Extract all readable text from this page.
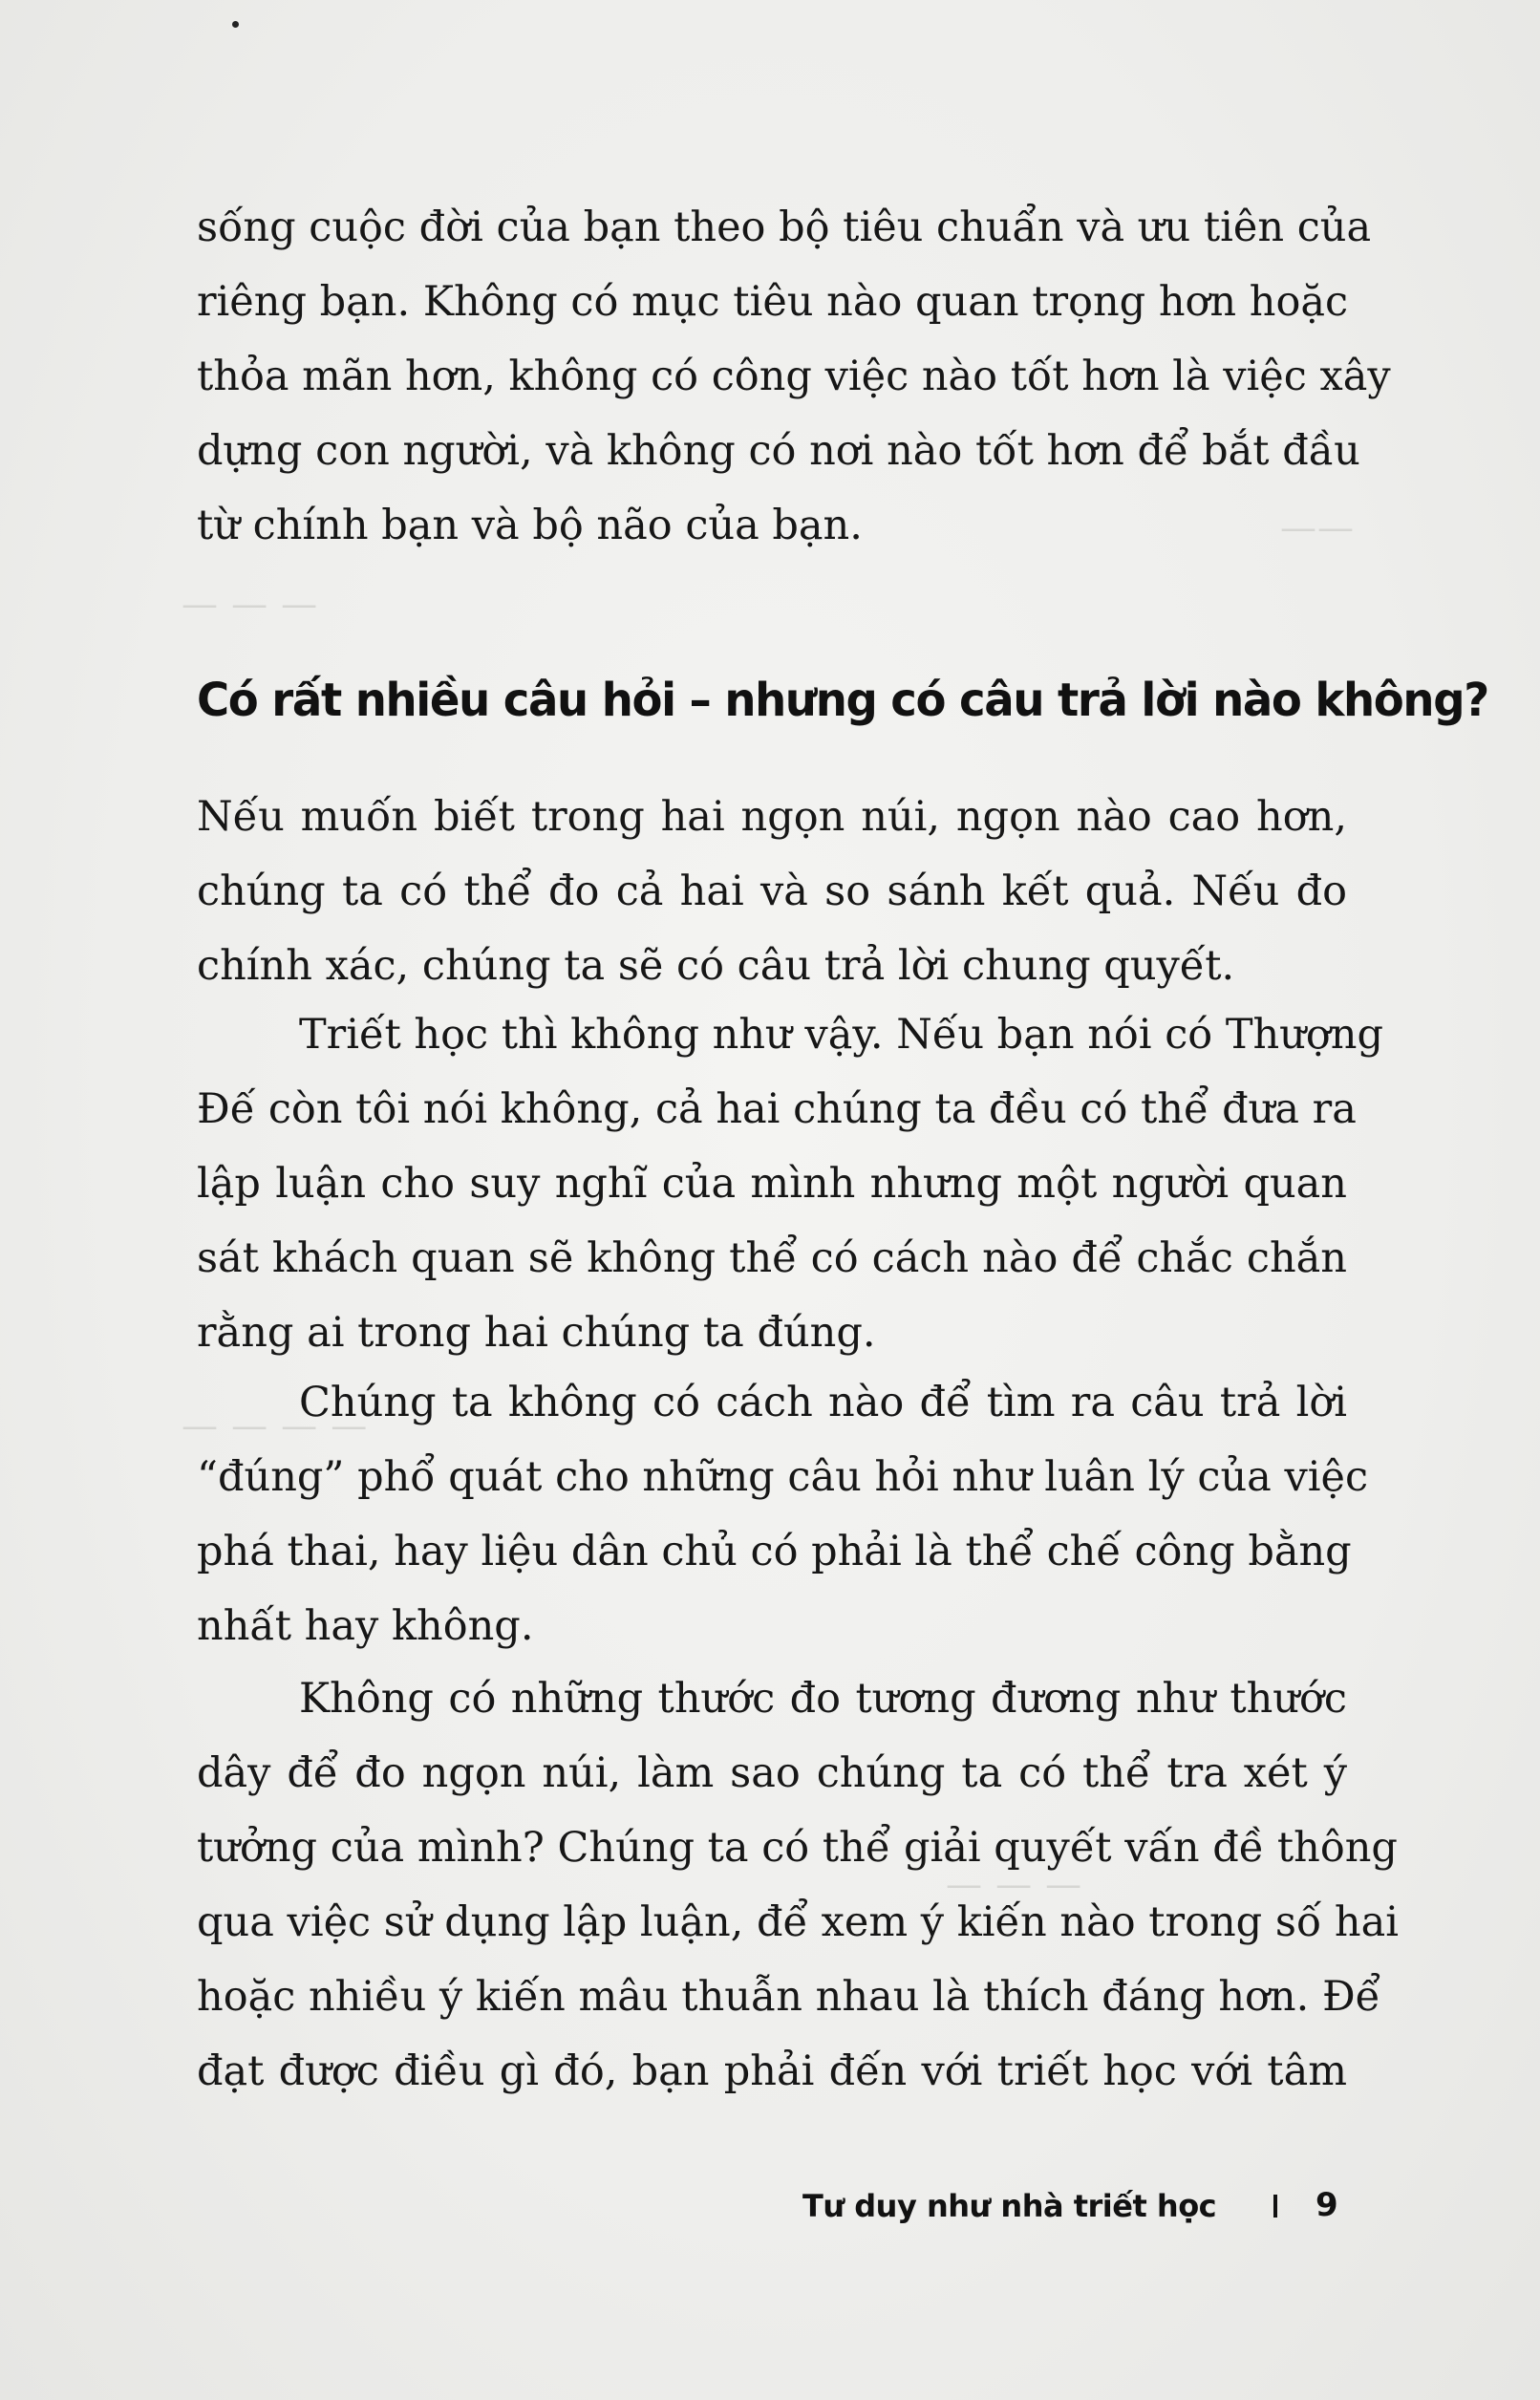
——
— — —
— — — —
— — —
sống cuộc đời của bạn theo bộ tiêu chuẩn và ưu tiên của
riêng bạn. Không có mục tiêu nào quan trọng hơn hoặc
thỏa mãn hơn, không có công việc nào tốt hơn là việc xây
dựng con người, và không có nơi nào tốt hơn để bắt đầu
từ chính bạn và bộ não của bạn.
Có rất nhiều câu hỏi – nhưng có câu trả lời nào không?
Nếu muốn biết trong hai ngọn núi, ngọn nào cao hơn,
chúng ta có thể đo cả hai và so sánh kết quả. Nếu đo
chính xác, chúng ta sẽ có câu trả lời chung quyết.
Triết học thì không như vậy. Nếu bạn nói có Thượng
Đế còn tôi nói không, cả hai chúng ta đều có thể đưa ra
lập luận cho suy nghĩ của mình nhưng một người quan
sát khách quan sẽ không thể có cách nào để chắc chắn
rằng ai trong hai chúng ta đúng.
Chúng ta không có cách nào để tìm ra câu trả lời
“đúng” phổ quát cho những câu hỏi như luân lý của việc
phá thai, hay liệu dân chủ có phải là thể chế công bằng
nhất hay không.
Không có những thước đo tương đương như thước
dây để đo ngọn núi, làm sao chúng ta có thể tra xét ý
tưởng của mình? Chúng ta có thể giải quyết vấn đề thông
qua việc sử dụng lập luận, để xem ý kiến nào trong số hai
hoặc nhiều ý kiến mâu thuẫn nhau là thích đáng hơn. Để
đạt được điều gì đó, bạn phải đến với triết học với tâm
Tư duy như nhà triết học	9
